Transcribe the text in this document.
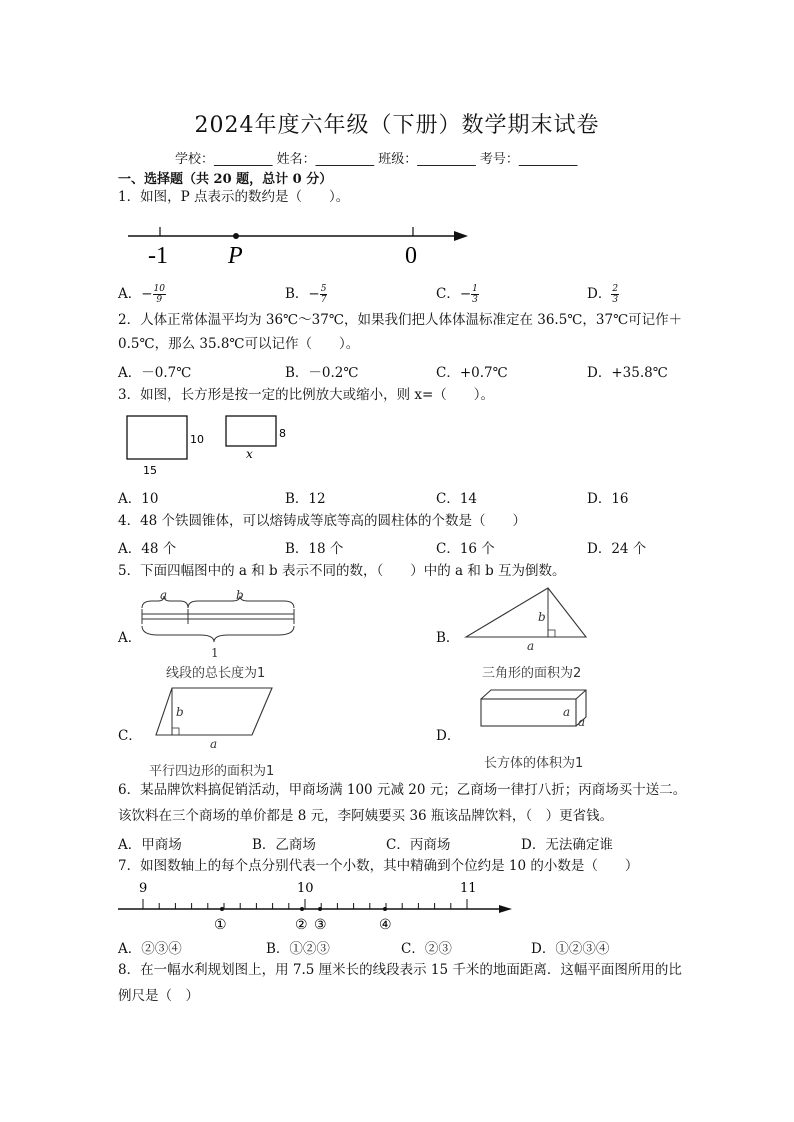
2024年度六年级（下册）数学期末试卷
学校：_________ 姓名：_________ 班级：_________ 考号：_________
一、选择题（共 20 题，总计 0 分）
1．如图，P 点表示的数约是（　　）。
-1	P	0
A．− $\frac{10}{9}$	B．− $\frac{5}{7}$	C．− $\frac{1}{3}$	D． $\frac{2}{3}$
2．人体正常体温平均为 36℃～37℃，如果我们把人体体温标准定在 36.5℃，37℃可记作＋
0.5℃，那么 35.8℃可以记作（　　）。
A．－0.7℃	B．－0.2℃	C．+0.7℃	D．+35.8℃
3．如图，长方形是按一定的比例放大或缩小，则 x=（　　）。
10
15
8
x
A．10	B．12	C．14	D．16
4．48 个铁圆锥体，可以熔铸成等底等高的圆柱体的个数是（　　）
A．48 个	B．18 个	C．16 个	D．24 个
5．下面四幅图中的 a 和 b 表示不同的数，（　　）中的 a 和 b 互为倒数。
A．	B．
C．	D．
a	b
1
b
a
b
a
a
a
线段的总长度为1	三角形的面积为2
平行四边形的面积为1
长方体的体积为1
6．某品牌饮料搞促销活动，甲商场满 100 元减 20 元；乙商场一律打八折；丙商场买十送二。
该饮料在三个商场的单价都是 8 元，李阿姨要买 36 瓶该品牌饮料，（　）更省钱。
A．甲商场	B．乙商场	C．丙商场	D．无法确定谁
7．如图数轴上的每个点分别代表一个小数，其中精确到个位约是 10 的小数是（　　）
9	10	11
①	② ③	④
A．②③④	B．①②③	C．②③	D．①②③④
8．在一幅水利规划图上，用 7.5 厘米长的线段表示 15 千米的地面距离．这幅平面图所用的比
例尺是（　）
